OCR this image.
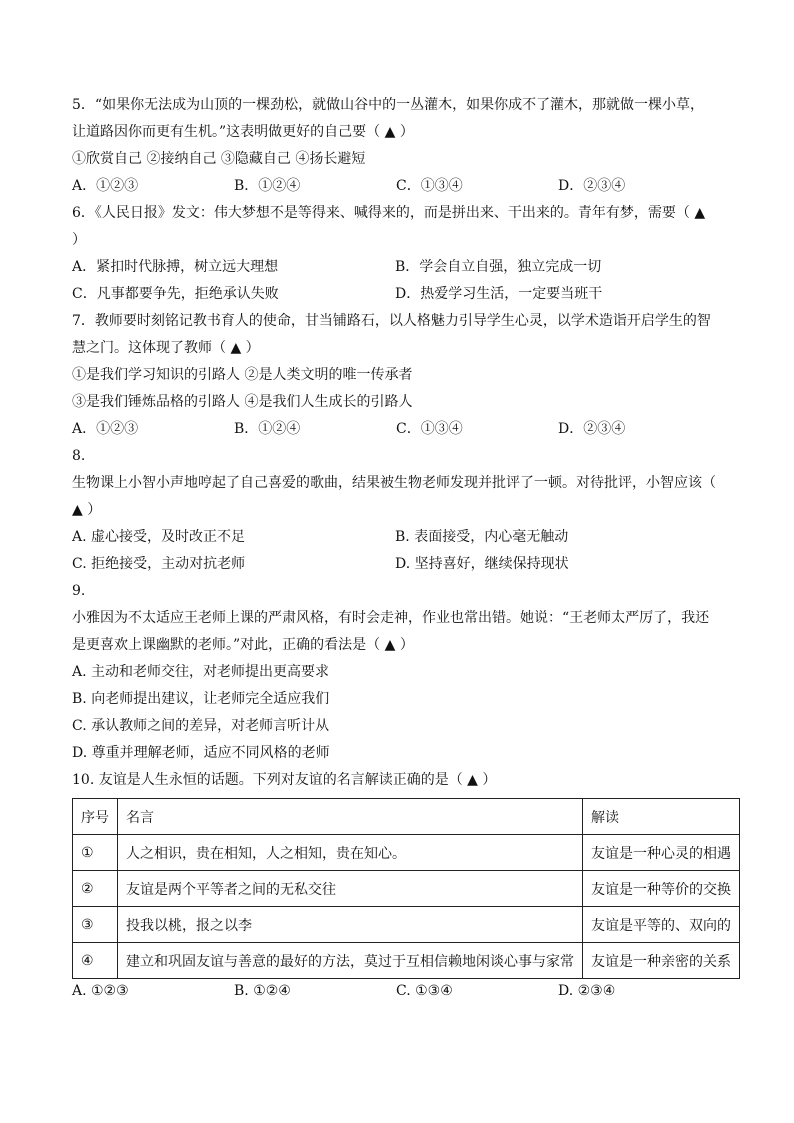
5．“如果你无法成为山顶的一棵劲松，就做山谷中的一丛灌木，如果你成不了灌木，那就做一棵小草，
让道路因你而更有生机。”这表明做更好的自己要（ ▲ ）
①欣赏自己 ②接纳自己 ③隐藏自己 ④扬长避短
A．①②③	B．①②④	C．①③④	D．②③④
6．《人民日报》发文：伟大梦想不是等得来、喊得来的，而是拼出来、干出来的。青年有梦，需要（ ▲
）
A．紧扣时代脉搏，树立远大理想	B．学会自立自强，独立完成一切
C．凡事都要争先，拒绝承认失败	D．热爱学习生活，一定要当班干
7．教师要时刻铭记教书育人的使命，甘当铺路石，以人格魅力引导学生心灵，以学术造诣开启学生的智
慧之门。这体现了教师（ ▲ ）
①是我们学习知识的引路人 ②是人类文明的唯一传承者
③是我们锤炼品格的引路人 ④是我们人生成长的引路人
A．①②③	B．①②④	C．①③④	D．②③④
8.
生物课上小智小声地哼起了自己喜爱的歌曲，结果被生物老师发现并批评了一顿。对待批评，小智应该（
▲ ）
A. 虚心接受，及时改正不足	B. 表面接受，内心毫无触动
C. 拒绝接受，主动对抗老师	D. 坚持喜好，继续保持现状
9.
小雅因为不太适应王老师上课的严肃风格，有时会走神，作业也常出错。她说：“王老师太严厉了，我还
是更喜欢上课幽默的老师。”对此，正确的看法是（ ▲ ）
A. 主动和老师交往，对老师提出更高要求
B. 向老师提出建议，让老师完全适应我们
C. 承认教师之间的差异，对老师言听计从
D. 尊重并理解老师，适应不同风格的老师
10. 友谊是人生永恒的话题。下列对友谊的名言解读正确的是（ ▲ ）
序号	名言	解读
①	人之相识，贵在相知，人之相知，贵在知心。	友谊是一种心灵的相遇
②	友谊是两个平等者之间的无私交往	友谊是一种等价的交换
③	投我以桃，报之以李	友谊是平等的、双向的
④	建立和巩固友谊与善意的最好的方法，莫过于互相信赖地闲谈心事与家常	友谊是一种亲密的关系
A. ①②③	B. ①②④	C. ①③④	D. ②③④
